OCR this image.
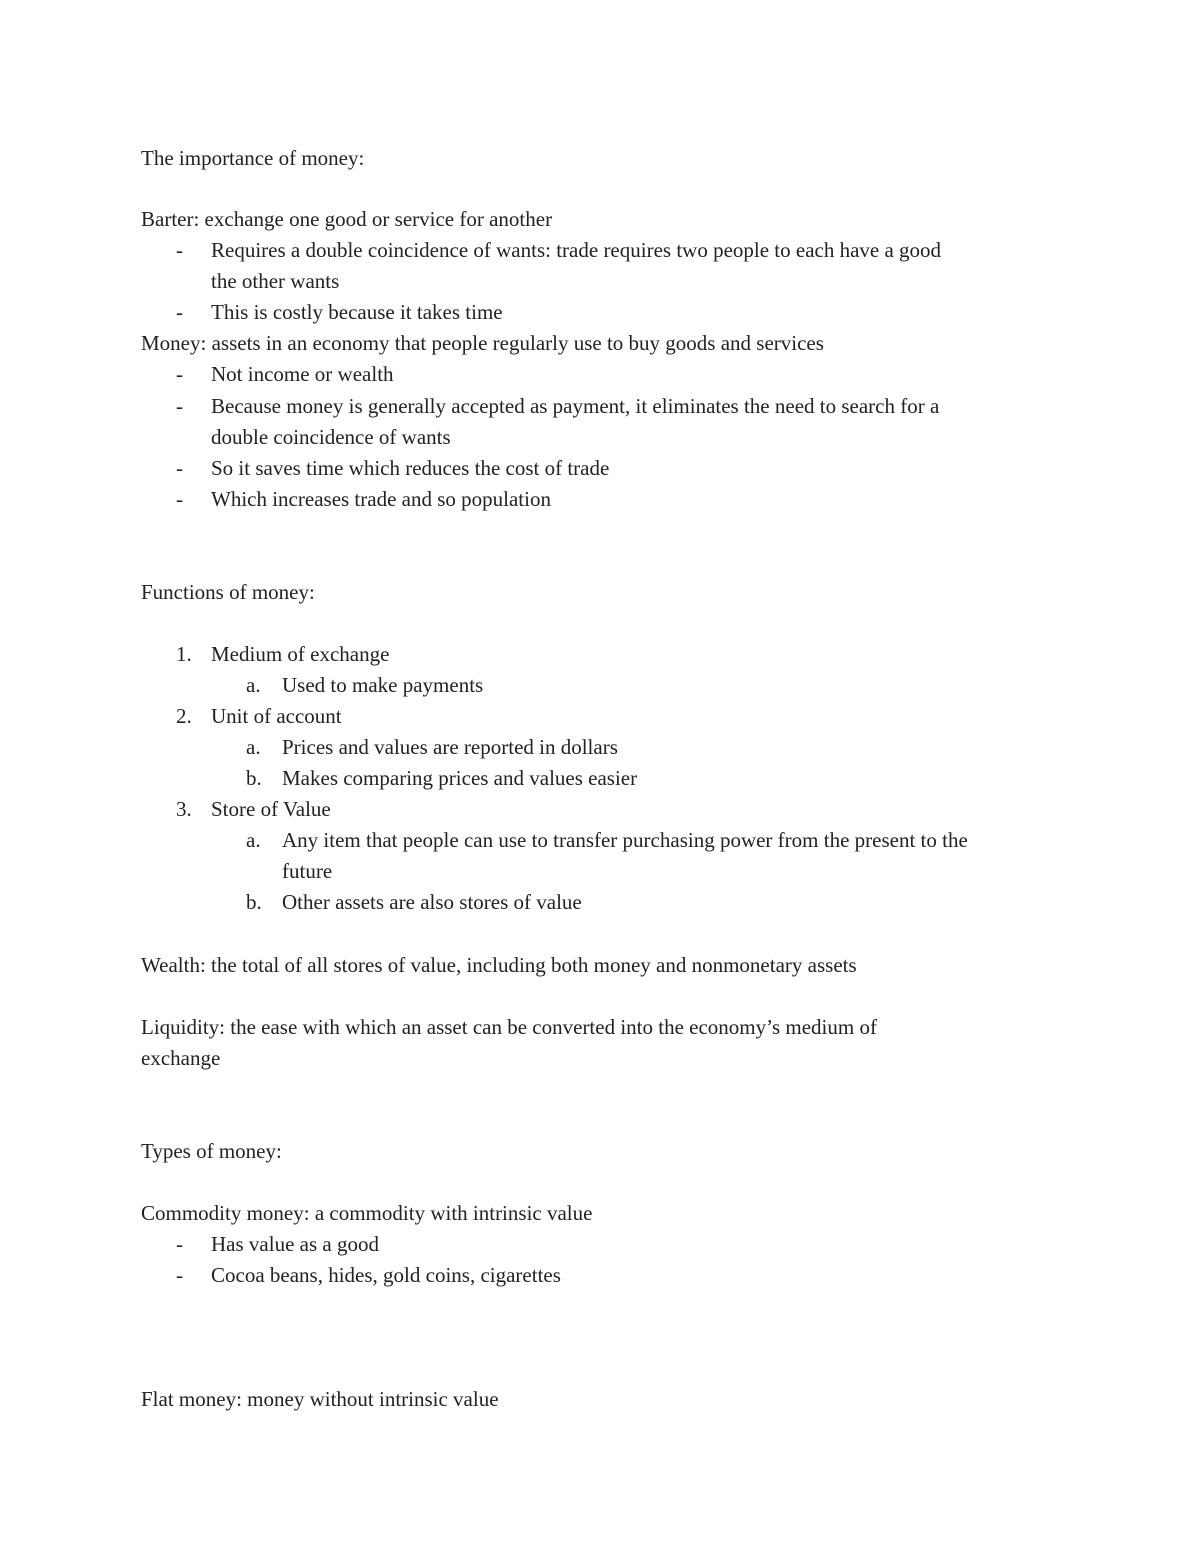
The importance of money:
Barter: exchange one good or service for another
- Requires a double coincidence of wants: trade requires two people to each have a good
the other wants
- This is costly because it takes time
Money: assets in an economy that people regularly use to buy goods and services
- Not income or wealth
- Because money is generally accepted as payment, it eliminates the need to search for a
double coincidence of wants
- So it saves time which reduces the cost of trade
- Which increases trade and so population
Functions of money:
1. Medium of exchange
a. Used to make payments
2. Unit of account
a. Prices and values are reported in dollars
b. Makes comparing prices and values easier
3. Store of Value
a. Any item that people can use to transfer purchasing power from the present to the
future
b. Other assets are also stores of value
Wealth: the total of all stores of value, including both money and nonmonetary assets
Liquidity: the ease with which an asset can be converted into the economy’s medium of
exchange
Types of money:
Commodity money: a commodity with intrinsic value
- Has value as a good
- Cocoa beans, hides, gold coins, cigarettes
Flat money: money without intrinsic value
